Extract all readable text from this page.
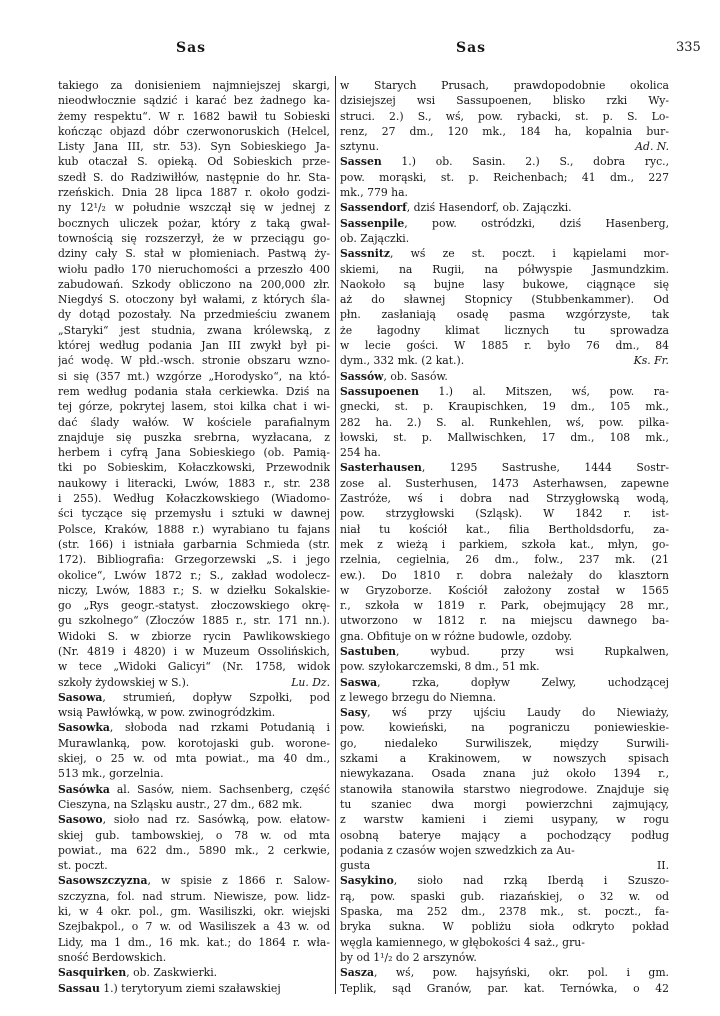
Sas	Sas	335
takiego za donisieniem najmniejszej skargi,
nieodwłocznie sądzić i karać bez żadnego ka-
żemy respektu“. W r. 1682 bawił tu Sobieski
kończąc objazd dóbr czerwonoruskich (Helcel,
Listy Jana III, str. 53). Syn Sobieskiego Ja-
kub otaczał S. opieką. Od Sobieskich prze-
szedł S. do Radziwiłłów, następnie do hr. Sta-
rzeńskich. Dnia 28 lipca 1887 r. około godzi-
ny 12¹/₂ w południe wszczął się w jednej z
bocznych uliczek pożar, który z taką gwał-
townością się rozszerzył, że w przeciągu go-
dziny cały S. stał w płomieniach. Pastwą ży-
wiołu padło 170 nieruchomości a przeszło 400
zabudowań. Szkody obliczono na 200,000 złr.
Niegdyś S. otoczony był wałami, z których śla-
dy dotąd pozostały. Na przedmieściu zwanem
„Staryki“ jest studnia, zwana królewską, z
której według podania Jan III zwykł był pi-
jać wodę. W płd.-wsch. stronie obszaru wzno-
si się (357 mt.) wzgórze „Horodysko“, na któ-
rem według podania stała cerkiewka. Dziś na
tej górze, pokrytej lasem, stoi kilka chat i wi-
dać ślady wałów. W kościele parafialnym
znajduje się puszka srebrna, wyzłacana, z
herbem i cyfrą Jana Sobieskiego (ob. Pamią-
tki po Sobieskim, Kołaczkowski, Przewodnik
naukowy i literacki, Lwów, 1883 r., str. 238
i 255). Według Kołaczkowskiego (Wiadomo-
ści tyczące się przemysłu i sztuki w dawnej
Polsce, Kraków, 1888 r.) wyrabiano tu fajans
(str. 166) i istniała garbarnia Schmieda (str.
172). Bibliografia: Grzegorzewski „S. i jego
okolice“, Lwów 1872 r.; S., zakład wodolecz-
niczy, Lwów, 1883 r.; S. w dziełku Sokalskie-
go „Rys geogr.-statyst. złoczowskiego okrę-
gu szkolnego“ (Złoczów 1885 r., str. 171 nn.).
Widoki S. w zbiorze rycin Pawlikowskiego
(Nr. 4819 i 4820) i w Muzeum Ossolińskich,
w tece „Widoki Galicyi“ (Nr. 1758, widok
szkoły żydowskiej w S.).	Lu. Dz.
Sasowa, strumień, dopływ Szpołki, pod
wsią Pawłówką, w pow. zwinogródzkim.
Sasowka, słoboda nad rzkami Potudanią i
Murawlanką, pow. korotojaski gub. worone-
skiej, o 25 w. od mta powiat., ma 40 dm.,
513 mk., gorzelnia.
Sasówka al. Sasów, niem. Sachsenberg, część
Cieszyna, na Szląsku austr., 27 dm., 682 mk.
Sasowo, sioło nad rz. Sasówką, pow. ełatow-
skiej gub. tambowskiej, o 78 w. od mta
powiat., ma 622 dm., 5890 mk., 2 cerkwie,
st. poczt.
Sasowszczyzna, w spisie z 1866 r. Salow-
szczyzna, fol. nad strum. Niewisze, pow. lidz-
ki, w 4 okr. pol., gm. Wasiliszki, okr. wiejski
Szejbakpol., o 7 w. od Wasiliszek a 43 w. od
Lidy, ma 1 dm., 16 mk. kat.; do 1864 r. wła-
sność Berdowskich.
Sasquirken, ob. Zaskwierki.
Sassau 1.) terytoryum ziemi szaławskiej
w Starych Prusach, prawdopodobnie okolica
dzisiejszej wsi Sassupoenen, blisko rzki Wy-
struci. 2.) S., wś, pow. rybacki, st. p. S. Lo-
renz, 27 dm., 120 mk., 184 ha, kopalnia bur-
sztynu.	Ad. N.
Sassen 1.) ob. Sasin. 2.) S., dobra ryc.,
pow. morąski, st. p. Reichenbach; 41 dm., 227
mk., 779 ha.
Sassendorf, dziś Hasendorf, ob. Zajączki.
Sassenpile, pow. ostródzki, dziś Hasenberg,
ob. Zajączki.
Sassnitz, wś ze st. poczt. i kąpielami mor-
skiemi, na Rugii, na półwyspie Jasmundzkim.
Naokoło są bujne lasy bukowe, ciągnące się
aż do sławnej Stopnicy (Stubbenkammer). Od
płn. zasłaniają osadę pasma wzgórzyste, tak
że łagodny klimat licznych tu sprowadza
w lecie gości. W 1885 r. było 76 dm., 84
dym., 332 mk. (2 kat.).	Ks. Fr.
Sassów, ob. Sasów.
Sassupoenen 1.) al. Mitszen, wś, pow. ra-
gnecki, st. p. Kraupischken, 19 dm., 105 mk.,
282 ha. 2.) S. al. Runkehlen, wś, pow. pilka-
łowski, st. p. Mallwischken, 17 dm., 108 mk.,
254 ha.
Sasterhausen, 1295 Sastrushe, 1444 Sostr-
zose al. Susterhusen, 1473 Asterhawsen, zapewne
Zastróże, wś i dobra nad Strzygłowską wodą,
pow. strzygłowski (Szląsk). W 1842 r. ist-
niał tu kościół kat., filia Bertholdsdorfu, za-
mek z wieżą i parkiem, szkoła kat., młyn, go-
rzelnia, cegielnia, 26 dm., folw., 237 mk. (21
ew.). Do 1810 r. dobra należały do klasztorn
w Gryzoborze. Kościół założony został w 1565
r., szkoła w 1819 r. Park, obejmujący 28 mr.,
utworzono w 1812 r. na miejscu dawnego ba-
gna. Obfituje on w różne budowle, ozdoby.
Sastuben, wybud. przy wsi Rupkalwen,
pow. szyłokarczemski, 8 dm., 51 mk.
Saswa, rzka, dopływ Zelwy, uchodzącej
z lewego brzegu do Niemna.
Sasy, wś przy ujściu Laudy do Niewiaży,
pow. kowieński, na pograniczu poniewieskie-
go, niedaleko Surwiliszek, między Surwili-
szkami a Krakinowem, w nowszych spisach
niewykazana. Osada znana już około 1394 r.,
stanowiła stanowiła starstwo niegrodowe. Znajduje się
tu szaniec dwa morgi powierzchni zajmujący,
z warstw kamieni i ziemi usypany, w rogu
osobną baterye mający a pochodzący podług
podania z czasów wojen szwedzkich za Au-
gusta II.
Sasykino, sioło nad rzką Iberdą i Szuszo-
rą, pow. spaski gub. riazańskiej, o 32 w. od
Spaska, ma 252 dm., 2378 mk., st. poczt., fa-
bryka sukna. W pobliżu sioła odkryto pokład
węgla kamiennego, w głębokości 4 saż., gru-
by od 1¹/₂ do 2 arszynów.
Sasza, wś, pow. hajsyński, okr. pol. i gm.
Teplik, sąd Granów, par. kat. Ternówka, o 42
